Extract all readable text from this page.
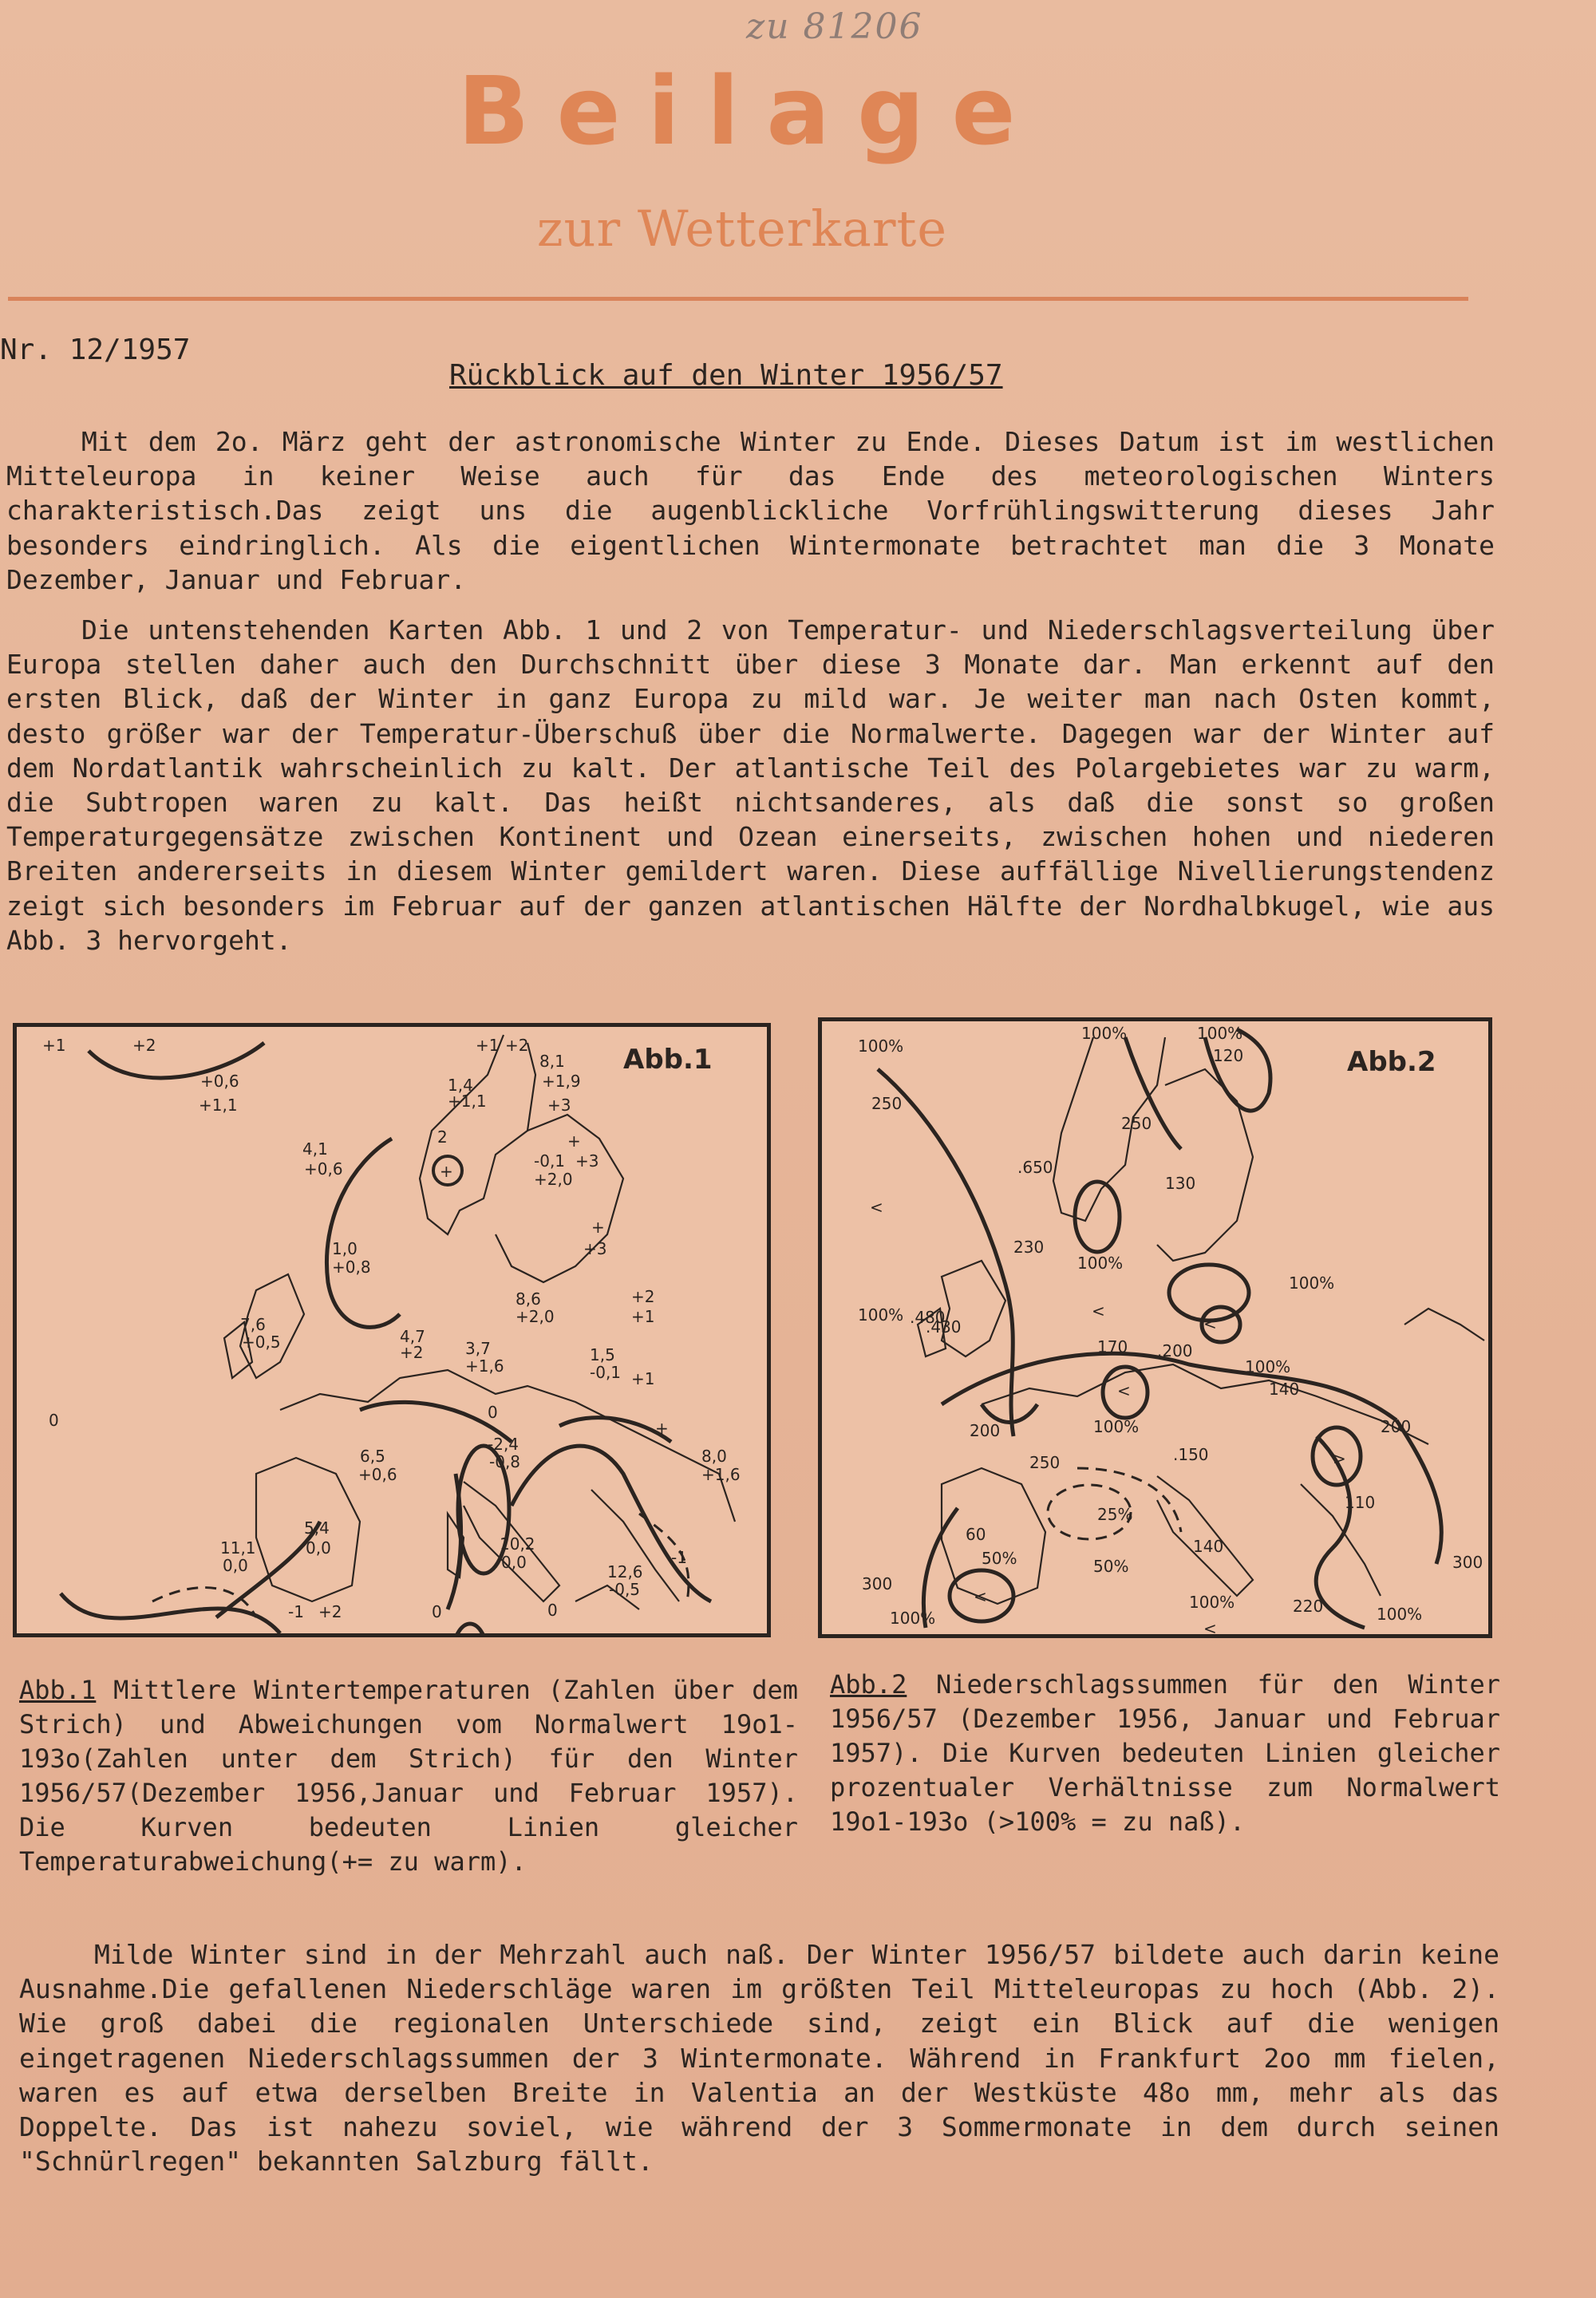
zu 81206
Beilage
zur Wetterkarte
Nr. 12/1957
Rückblick auf den Winter 1956/57
Mit dem 2o. März geht der astronomische Winter zu Ende. Dieses Datum ist im westlichen Mitteleuropa in keiner Weise auch für das Ende des meteorologischen Winters charakteristisch.Das zeigt uns die augenblickliche Vorfrühlingswitterung dieses Jahr besonders eindringlich. Als die eigentlichen Wintermonate betrachtet man die 3 Monate Dezember, Januar und Februar.
Die untenstehenden Karten Abb. 1 und 2 von Temperatur- und Niederschlagsverteilung über Europa stellen daher auch den Durchschnitt über diese 3 Monate dar. Man erkennt auf den ersten Blick, daß der Winter in ganz Europa zu mild war. Je weiter man nach Osten kommt, desto größer war der Temperatur-Überschuß über die Normalwerte. Dagegen war der Winter auf dem Nordatlantik wahrscheinlich zu kalt. Der atlantische Teil des Polargebietes war zu warm, die Subtropen waren zu kalt. Das heißt nichtsanderes, als daß die sonst so großen Temperaturgegensätze zwischen Kontinent und Ozean einerseits, zwischen hohen und niederen Breiten andererseits in diesem Winter gemildert waren. Diese auffällige Nivellierungstendenz zeigt sich besonders im Februar auf der ganzen atlantischen Hälfte der Nordhalbkugel, wie aus Abb. 3 hervorgeht.
Abb.1
+1	+2
+0,6
+1,1
+1 +2
8,1
+1,9
+3
1,4
+1,1
2
+
+
-0,1
+2,0
+3
4,1
+0,6
+3
+
1,0
+0,8
8,6
+2,0
+2
+1
7,6
+0,5	4,7
+2	3,7
+1,6
1,5
-0,1 +1
0	+
0
-2,4
-0,8
6,5
+0,6
8,0
+1,6
5,4
0,0
11,1
0,0
10,2
0,0	12,6
-0,5
-1
-1 +2	0	0
Abb.2
100%
100%	100%
120
250
250
.650
<
.430
130
100%
100%
230
100%	<
<
.480
170 .200
100%
140
<
200	100%
250	.150
200
110
>
60
50%
25%
50%
140
300
<
100%
100%	220	100%
300
<
Abb.1 Mittlere Wintertemperaturen (Zahlen über dem Strich) und Abweichungen vom Normalwert 19o1-193o(Zahlen unter dem Strich) für den Winter 1956/57(Dezember 1956,Januar und Februar 1957). Die Kurven bedeuten Linien gleicher Temperaturabweichung(+= zu warm).
Abb.2 Niederschlagssummen für den Winter 1956/57 (Dezember 1956, Januar und Februar 1957). Die Kurven bedeuten Linien gleicher prozentualer Verhältnisse zum Normalwert 19o1-193o (>100% = zu naß).
Milde Winter sind in der Mehrzahl auch naß. Der Winter 1956/57 bildete auch darin keine Ausnahme.Die gefallenen Niederschläge waren im größten Teil Mitteleuropas zu hoch (Abb. 2). Wie groß dabei die regionalen Unterschiede sind, zeigt ein Blick auf die wenigen eingetragenen Niederschlagssummen der 3 Wintermonate. Während in Frankfurt 2oo mm fielen, waren es auf etwa derselben Breite in Valentia an der Westküste 48o mm, mehr als das Doppelte. Das ist nahezu soviel, wie während der 3 Sommermonate in dem durch seinen "Schnürlregen" bekannten Salzburg fällt.
